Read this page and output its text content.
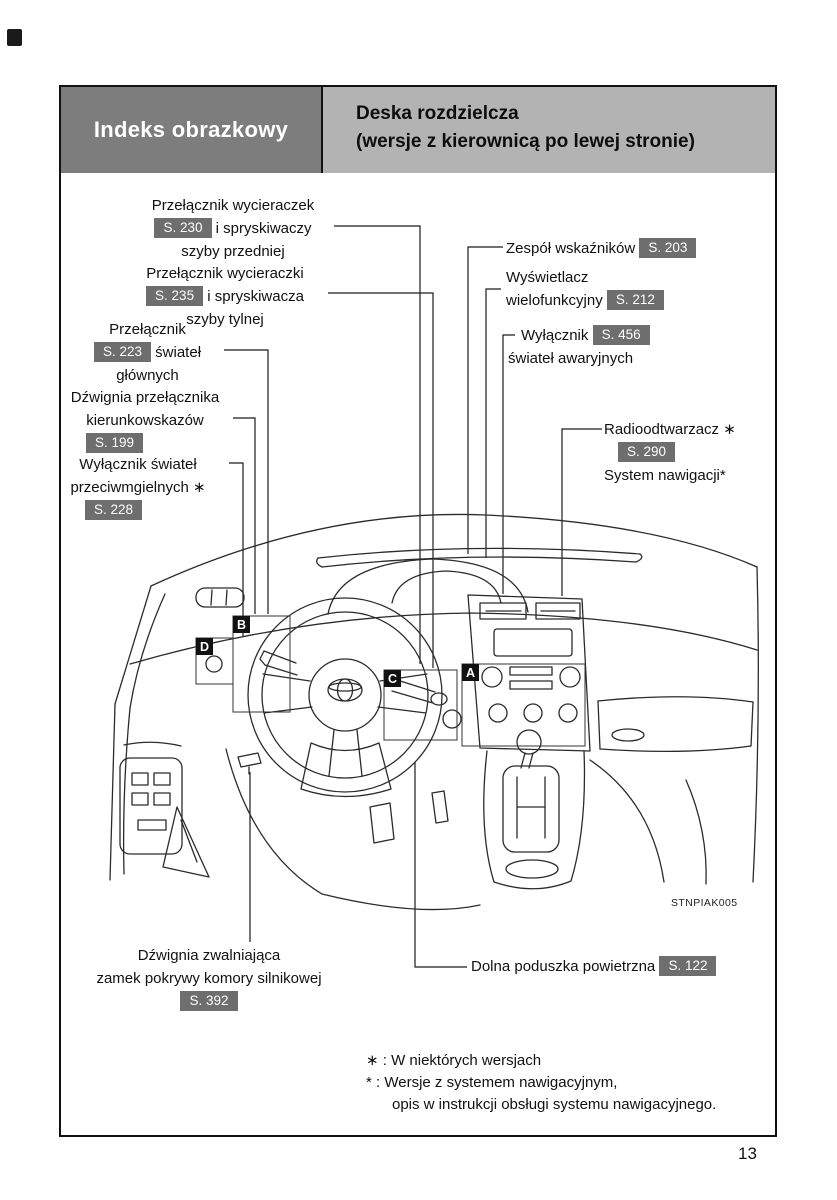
Indeks obrazkowy
Deska rozdzielcza
(wersje z kierownicą po lewej stronie)
A
B
C
D
Przełącznik wycieraczek
S. 230 i spryskiwaczy
szyby przedniej
Przełącznik wycieraczki
S. 235 i spryskiwacza
szyby tylnej
Przełącznik
S. 223 świateł
głównych
Dźwignia przełącznika
kierunkowskazów
S. 199
Wyłącznik świateł
przeciwmgielnych ∗
S. 228
Zespół wskaźników S. 203
Wyświetlacz
wielofunkcyjny S. 212
Wyłącznik S. 456
świateł awaryjnych
Radioodtwarzacz ∗
S. 290
System nawigacji*
Dźwignia zwalniająca
zamek pokrywy komory silnikowej
S. 392
Dolna poduszka powietrzna S. 122
STNPIAK005
∗ : W niektórych wersjach
* : Wersje z systemem nawigacyjnym,
opis w instrukcji obsługi systemu nawigacyjnego.
13
